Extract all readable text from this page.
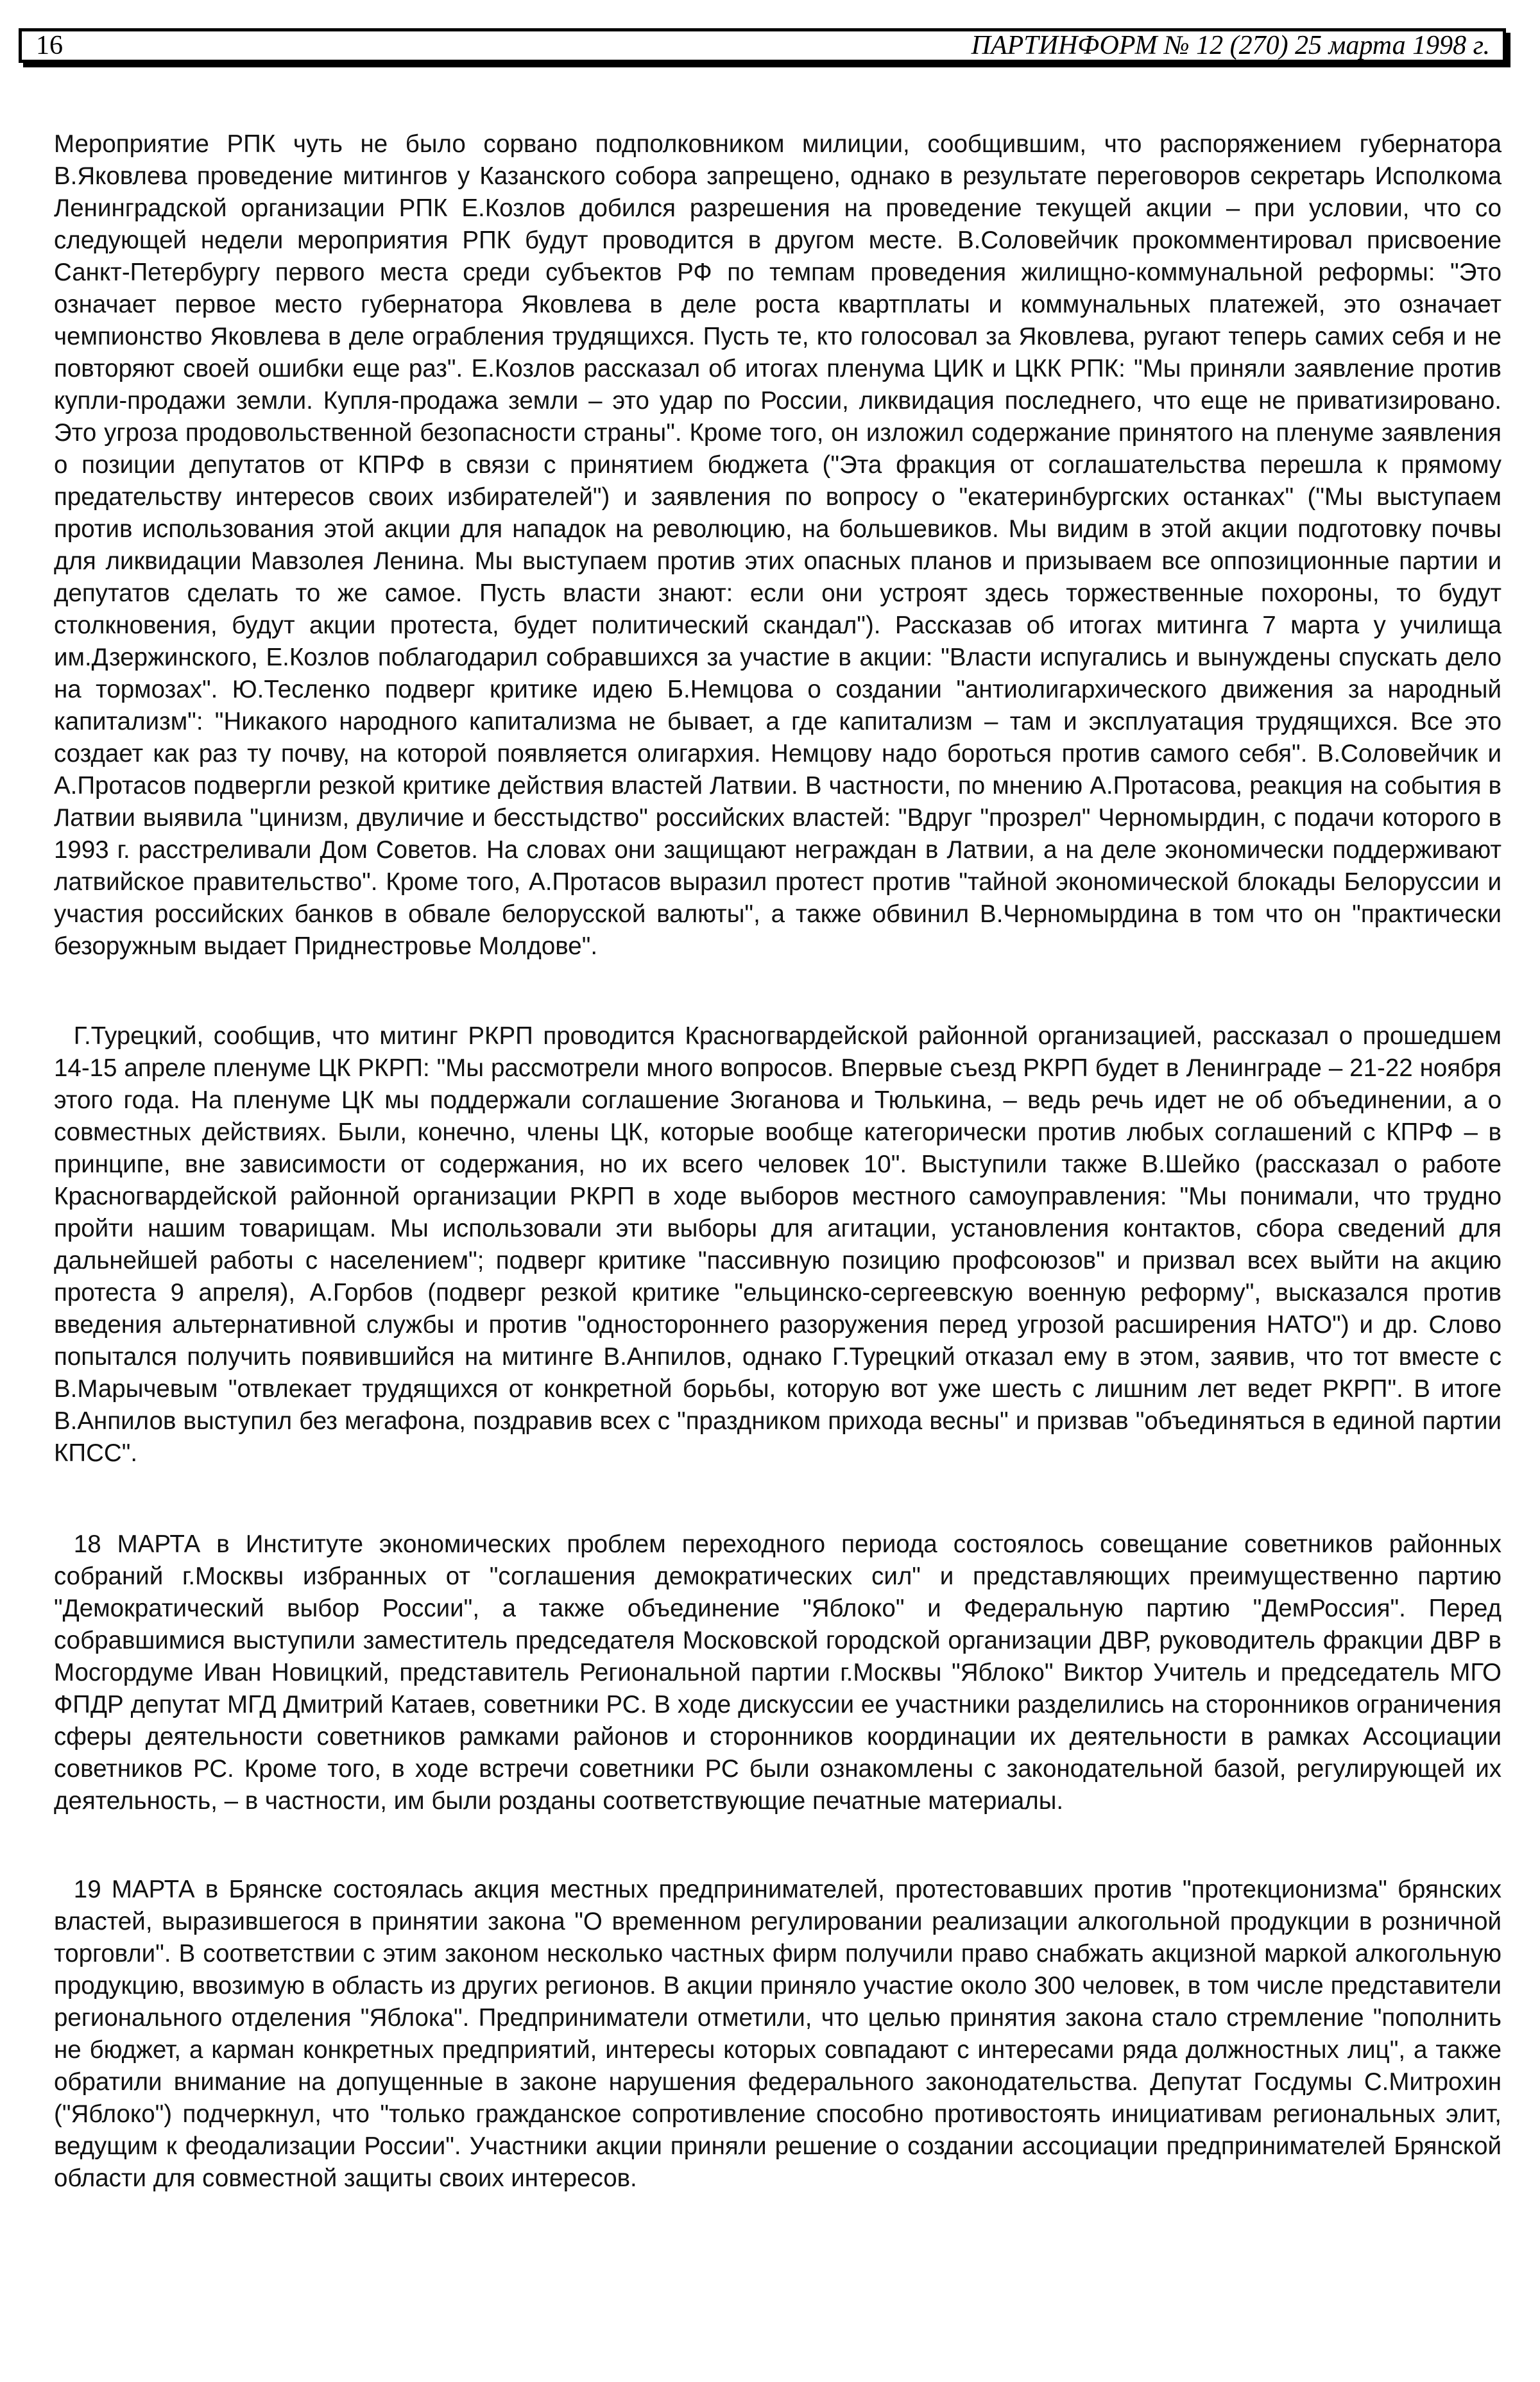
16	ПАРТИНФОРМ № 12 (270) 25 марта 1998 г.

Мероприятие РПК чуть не было сорвано подполковником милиции, сообщившим, что распоряжением губернатора В.Яковлева проведение митингов у Казанского собора запрещено, однако в результате переговоров секретарь Исполкома Ленинградской организации РПК Е.Козлов добился разрешения на проведение текущей акции – при условии, что со следующей недели мероприятия РПК будут проводится в другом месте. В.Соловейчик прокомментировал присвоение Санкт-Петербургу первого места среди субъектов РФ по темпам проведения жилищно-коммунальной реформы: "Это означает первое место губернатора Яковлева в деле роста квартплаты и коммунальных платежей, это означает чемпионство Яковлева в деле ограбления трудящихся. Пусть те, кто голосовал за Яковлева, ругают теперь самих себя и не повторяют своей ошибки еще раз". Е.Козлов рассказал об итогах пленума ЦИК и ЦКК РПК: "Мы приняли заявление против купли-продажи земли. Купля-продажа земли – это удар по России, ликвидация последнего, что еще не приватизировано. Это угроза продовольственной безопасности страны". Кроме того, он изложил содержание принятого на пленуме заявления о позиции депутатов от КПРФ в связи с принятием бюджета ("Эта фракция от соглашательства перешла к прямому предательству интересов своих избирателей") и заявления по вопросу о "екатеринбургских останках" ("Мы выступаем против использования этой акции для нападок на революцию, на большевиков. Мы видим в этой акции подготовку почвы для ликвидации Мавзолея Ленина. Мы выступаем против этих опасных планов и призываем все оппозиционные партии и депутатов сделать то же самое. Пусть власти знают: если они устроят здесь торжественные похороны, то будут столкновения, будут акции протеста, будет политический скандал"). Рассказав об итогах митинга 7 марта у училища им.Дзержинского, Е.Козлов поблагодарил собравшихся за участие в акции: "Власти испугались и вынуждены спускать дело на тормозах". Ю.Тесленко подверг критике идею Б.Немцова о создании "антиолигархического движения за народный капитализм": "Никакого народного капитализма не бывает, а где капитализм – там и эксплуатация трудящихся. Все это создает как раз ту почву, на которой появляется олигархия. Немцову надо бороться против самого себя". В.Соловейчик и А.Протасов подвергли резкой критике действия властей Латвии. В частности, по мнению А.Протасова, реакция на события в Латвии выявила "цинизм, двуличие и бесстыдство" российских властей: "Вдруг "прозрел" Черномырдин, с подачи которого в 1993 г. расстреливали Дом Советов. На словах они защищают неграждан в Латвии, а на деле экономически поддерживают латвийское правительство". Кроме того, А.Протасов выразил протест против "тайной экономической блокады Белоруссии и участия российских банков в обвале белорусской валюты", а также обвинил В.Черномырдина в том что он "практически безоружным выдает Приднестровье Молдове".

Г.Турецкий, сообщив, что митинг РКРП проводится Красногвардейской районной организацией, рассказал о прошедшем 14-15 апреле пленуме ЦК РКРП: "Мы рассмотрели много вопросов. Впервые съезд РКРП будет в Ленинграде – 21-22 ноября этого года. На пленуме ЦК мы поддержали соглашение Зюганова и Тюлькина, – ведь речь идет не об объединении, а о совместных действиях. Были, конечно, члены ЦК, которые вообще категорически против любых соглашений с КПРФ – в принципе, вне зависимости от содержания, но их всего человек 10". Выступили также В.Шейко (рассказал о работе Красногвардейской районной организации РКРП в ходе выборов местного самоуправления: "Мы понимали, что трудно пройти нашим товарищам. Мы использовали эти выборы для агитации, установления контактов, сбора сведений для дальнейшей работы с населением"; подверг критике "пассивную позицию профсоюзов" и призвал всех выйти на акцию протеста 9 апреля), А.Горбов (подверг резкой критике "ельцинско-сергеевскую военную реформу", высказался против введения альтернативной службы и против "одностороннего разоружения перед угрозой расширения НАТО") и др. Слово попытался получить появившийся на митинге В.Анпилов, однако Г.Турецкий отказал ему в этом, заявив, что тот вместе с В.Марычевым "отвлекает трудящихся от конкретной борьбы, которую вот уже шесть с лишним лет ведет РКРП". В итоге В.Анпилов выступил без мегафона, поздравив всех с "праздником прихода весны" и призвав "объединяться в единой партии КПСС".

18 МАРТА в Институте экономических проблем переходного периода состоялось совещание советников районных собраний г.Москвы избранных от "соглашения демократических сил" и представляющих преимущественно партию "Демократический выбор России", а также объединение "Яблоко" и Федеральную партию "ДемРоссия". Перед собравшимися выступили заместитель председателя Московской городской организации ДВР, руководитель фракции ДВР в Мосгордуме Иван Новицкий, представитель Региональной партии г.Москвы "Яблоко" Виктор Учитель и председатель МГО ФПДР депутат МГД Дмитрий Катаев, советники РС. В ходе дискуссии ее участники разделились на сторонников ограничения сферы деятельности советников рамками районов и сторонников координации их деятельности в рамках Ассоциации советников РС. Кроме того, в ходе встречи советники РС были ознакомлены с законодательной базой, регулирующей их деятельность, – в частности, им были розданы соответствующие печатные материалы.

19 МАРТА в Брянске состоялась акция местных предпринимателей, протестовавших против "протекционизма" брянских властей, выразившегося в принятии закона "О временном регулировании реализации алкогольной продукции в розничной торговли". В соответствии с этим законом несколько частных фирм получили право снабжать акцизной маркой алкогольную продукцию, ввозимую в область из других регионов. В акции приняло участие около 300 человек, в том числе представители регионального отделения "Яблока". Предприниматели отметили, что целью принятия закона стало стремление "пополнить не бюджет, а карман конкретных предприятий, интересы которых совпадают с интересами ряда должностных лиц", а также обратили внимание на допущенные в законе нарушения федерального законодательства. Депутат Госдумы С.Митрохин ("Яблоко") подчеркнул, что "только гражданское сопротивление способно противостоять инициативам региональных элит, ведущим к феодализации России". Участники акции приняли решение о создании ассоциации предпринимателей Брянской области для совместной защиты своих интересов.
